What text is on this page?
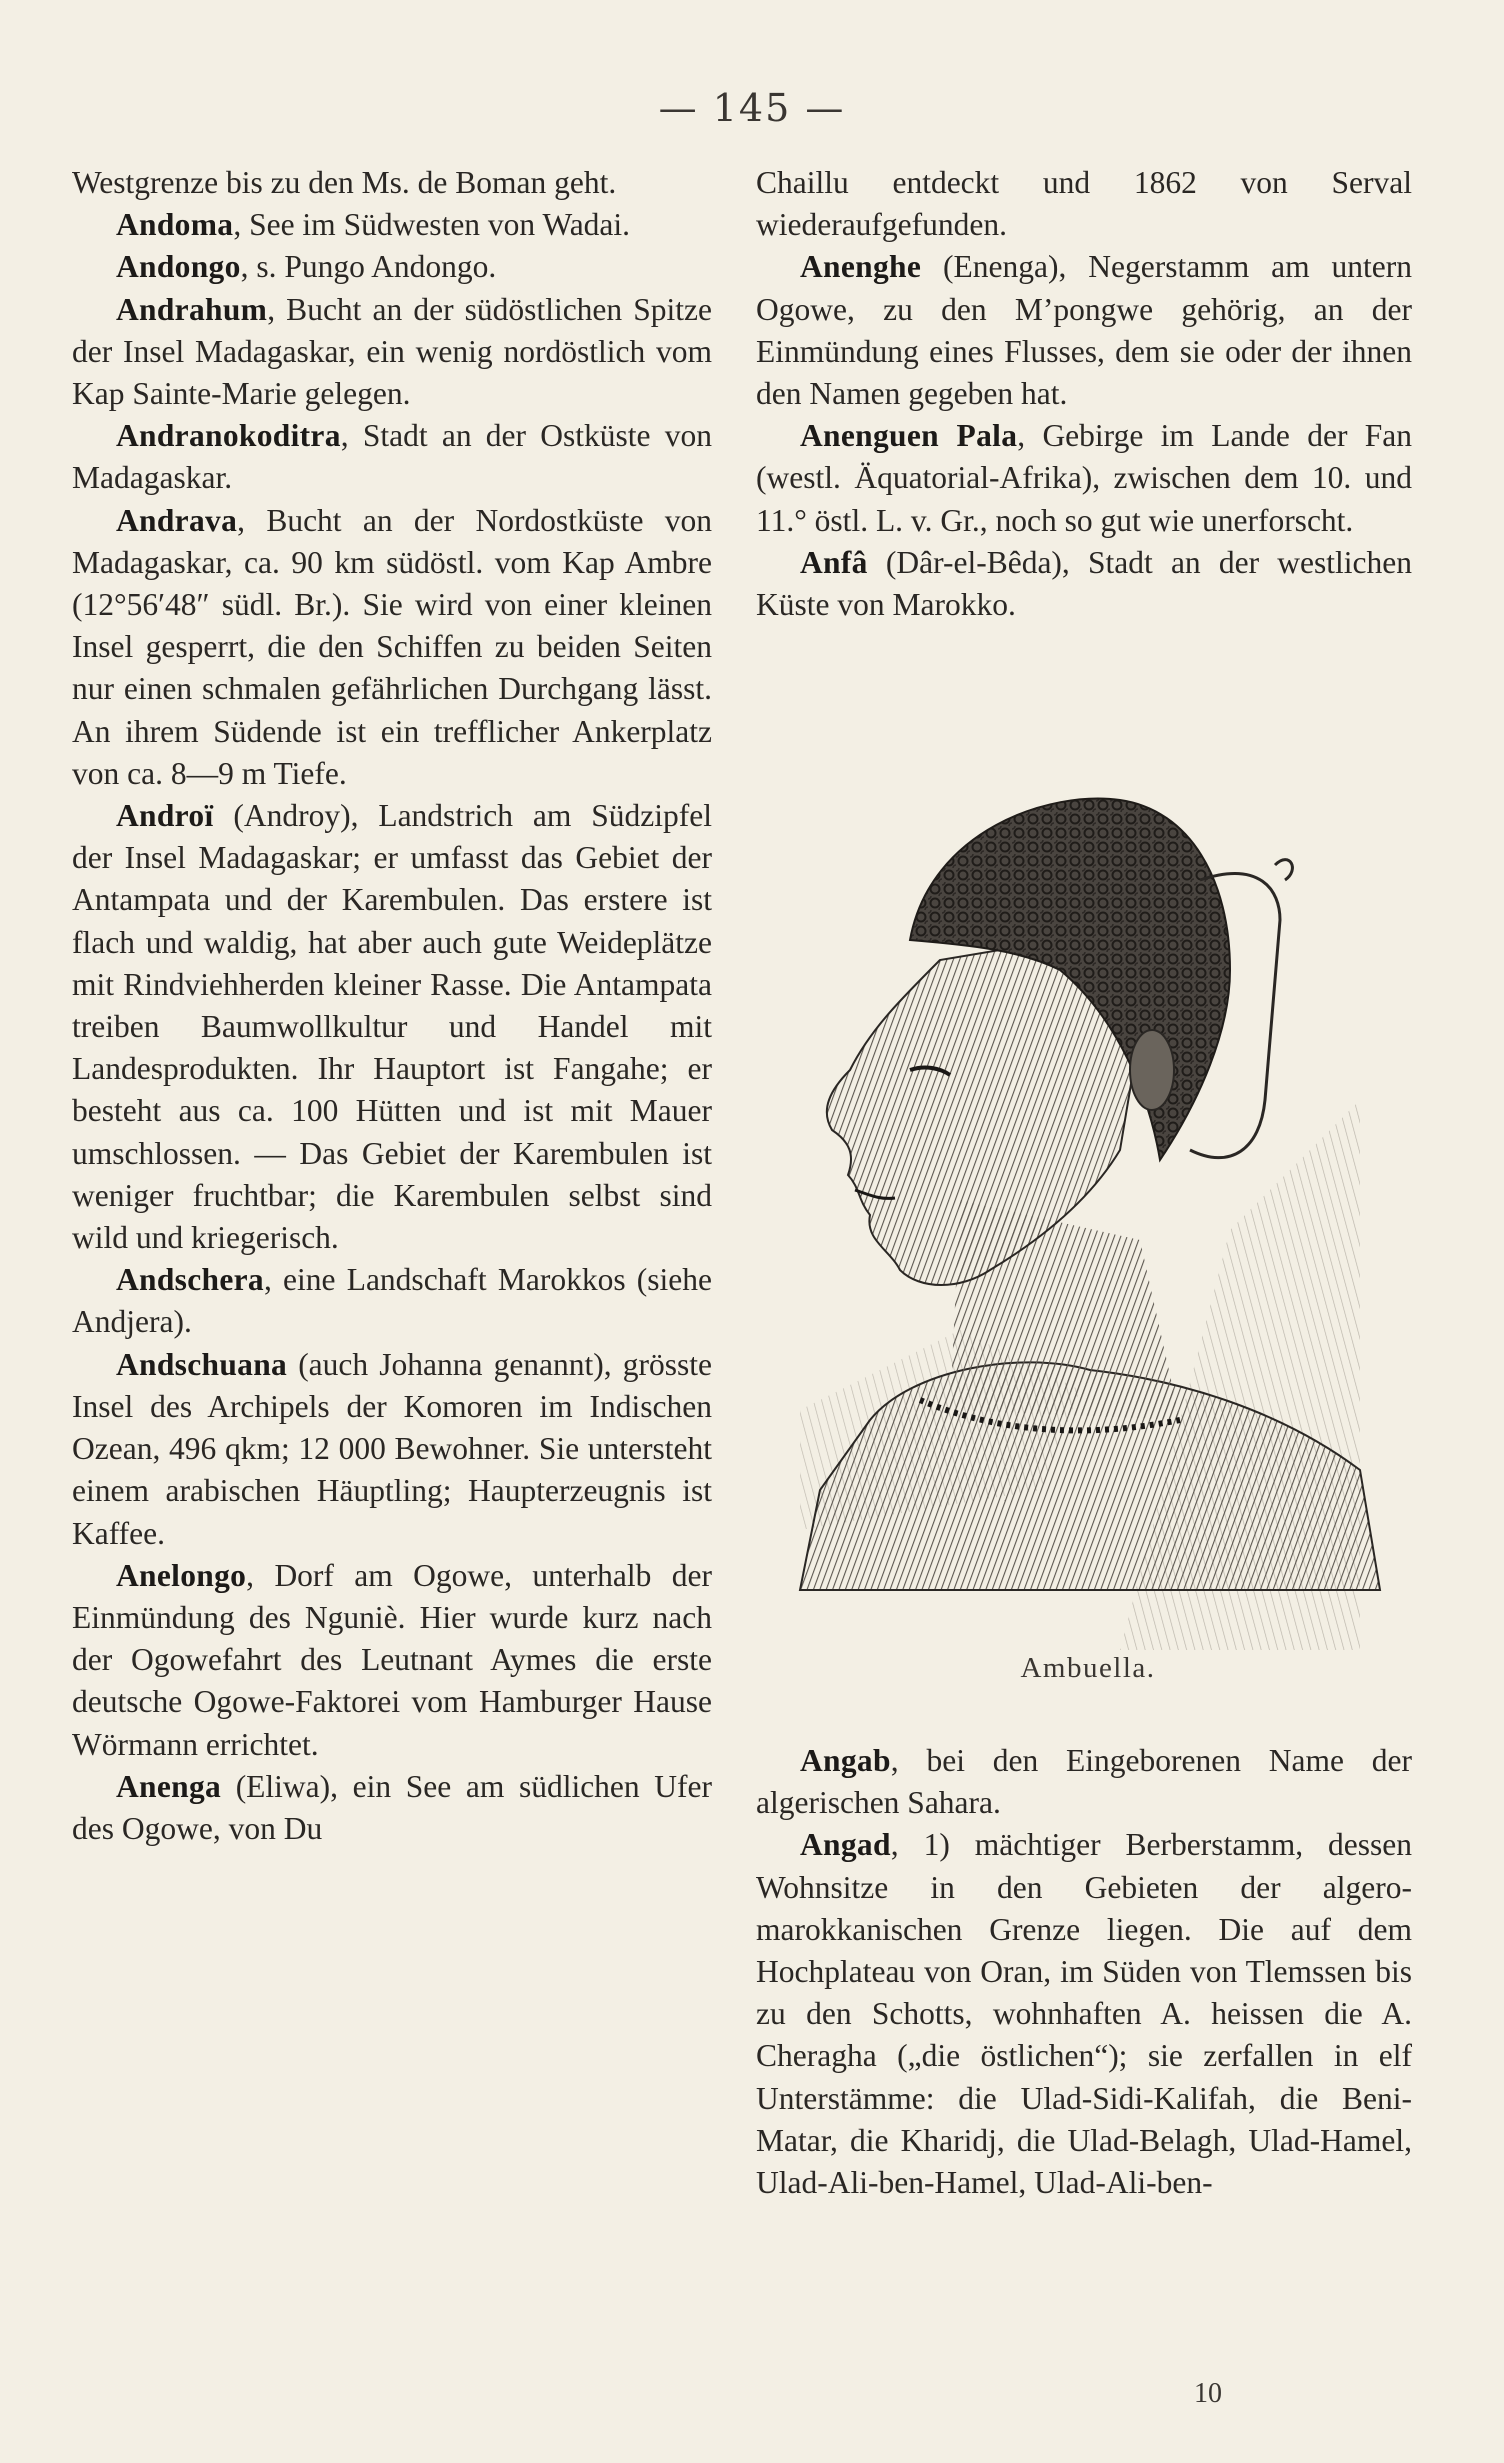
— 145 —

Westgrenze bis zu den Ms. de Boman geht.

Andoma, See im Südwesten von Wadai.

Andongo, s. Pungo Andongo.

Andrahum, Bucht an der südöstlichen Spitze der Insel Madagaskar, ein wenig nordöstlich vom Kap Sainte-Marie gelegen.

Andranokoditra, Stadt an der Ostküste von Madagaskar.

Andrava, Bucht an der Nordostküste von Madagaskar, ca. 90 km südöstl. vom Kap Ambre (12°56′48″ südl. Br.). Sie wird von einer kleinen Insel gesperrt, die den Schiffen zu beiden Seiten nur einen schmalen gefährlichen Durchgang lässt. An ihrem Südende ist ein trefflicher Ankerplatz von ca. 8—9 m Tiefe.

Androï (Androy), Landstrich am Südzipfel der Insel Madagaskar; er umfasst das Gebiet der Antampata und der Karembulen. Das erstere ist flach und waldig, hat aber auch gute Weideplätze mit Rindviehherden kleiner Rasse. Die Antampata treiben Baumwollkultur und Handel mit Landesprodukten. Ihr Hauptort ist Fangahe; er besteht aus ca. 100 Hütten und ist mit Mauer umschlossen. — Das Gebiet der Karembulen ist weniger fruchtbar; die Karembulen selbst sind wild und kriegerisch.

Andschera, eine Landschaft Marokkos (siehe Andjera).

Andschuana (auch Johanna genannt), grösste Insel des Archipels der Komoren im Indischen Ozean, 496 qkm; 12 000 Bewohner. Sie untersteht einem arabischen Häuptling; Haupterzeugnis ist Kaffee.

Anelongo, Dorf am Ogowe, unterhalb der Einmündung des Nguniè. Hier wurde kurz nach der Ogowefahrt des Leutnant Aymes die erste deutsche Ogowe-Faktorei vom Hamburger Hause Wörmann errichtet.

Anenga (Eliwa), ein See am südlichen Ufer des Ogowe, von Du

Chaillu entdeckt und 1862 von Serval wiederaufgefunden.

Anenghe (Enenga), Negerstamm am untern Ogowe, zu den M’pongwe gehörig, an der Einmündung eines Flusses, dem sie oder der ihnen den Namen gegeben hat.

Anenguen Pala, Gebirge im Lande der Fan (westl. Äquatorial-Afrika), zwischen dem 10. und 11.° östl. L. v. Gr., noch so gut wie unerforscht.

Anfâ (Dâr-el-Bêda), Stadt an der westlichen Küste von Marokko.

Ambuella.

Angab, bei den Eingeborenen Name der algerischen Sahara.

Angad, 1) mächtiger Berberstamm, dessen Wohnsitze in den Gebieten der algero-marokkanischen Grenze liegen. Die auf dem Hochplateau von Oran, im Süden von Tlemssen bis zu den Schotts, wohnhaften A. heissen die A. Cheragha („die östlichen“); sie zerfallen in elf Unterstämme: die Ulad-Sidi-Kalifah, die Beni-Matar, die Kharidj, die Ulad-Belagh, Ulad-Hamel, Ulad-Ali-ben-Hamel, Ulad-Ali-ben-

10
